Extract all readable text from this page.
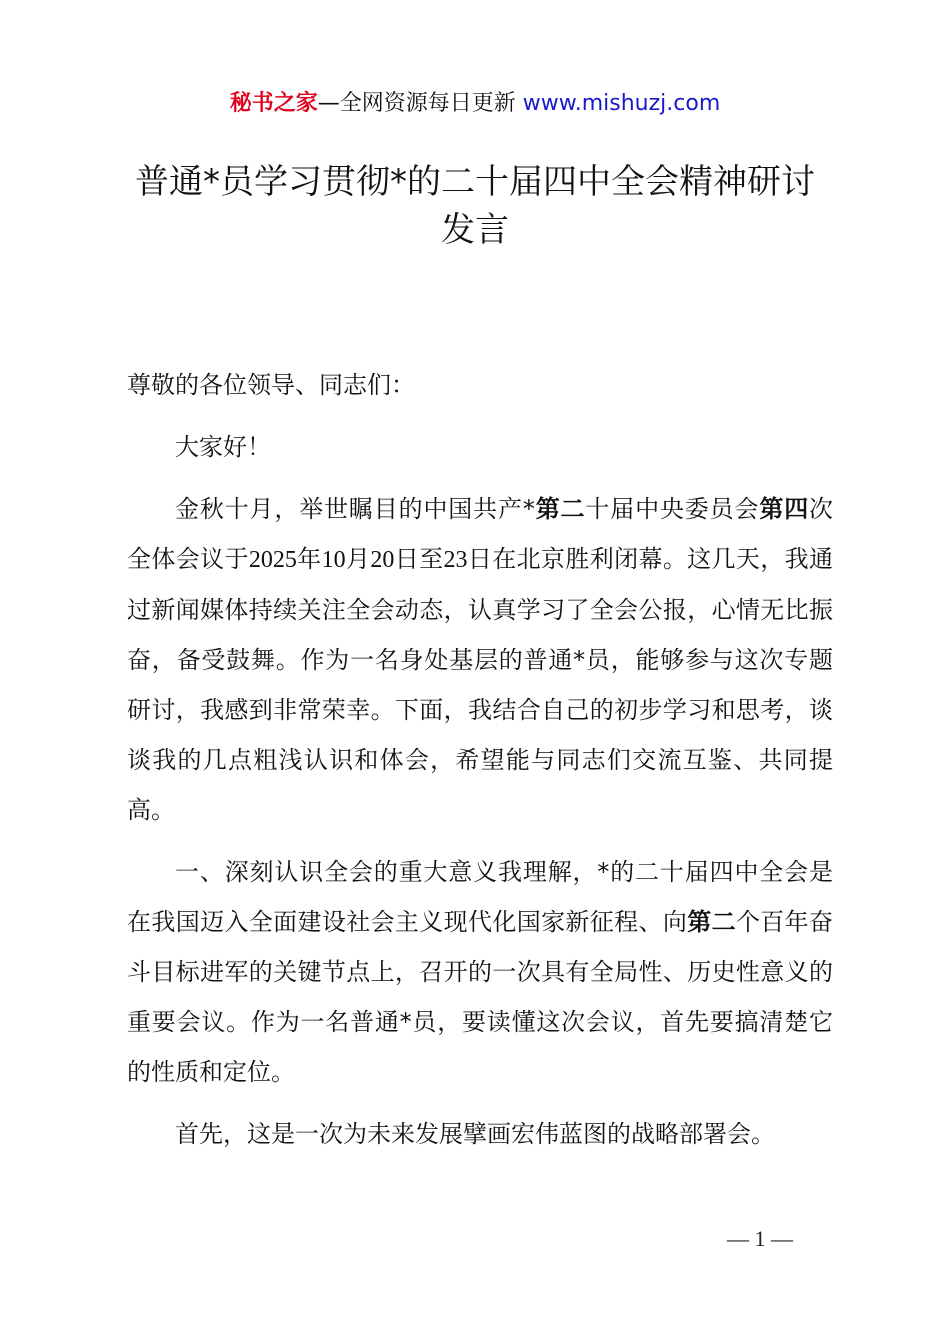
秘书之家—全网资源每日更新 www.mishuzj.com
普通*员学习贯彻*的二十届四中全会精神研讨
发言

尊敬的各位领导、同志们：

大家好！

金秋十月，举世瞩目的中国共产*第二十届中央委员会第四次全体会议于2025年10月20日至23日在北京胜利闭幕。这几天，我通过新闻媒体持续关注全会动态，认真学习了全会公报，心情无比振奋，备受鼓舞。作为一名身处基层的普通*员，能够参与这次专题研讨，我感到非常荣幸。下面，我结合自己的初步学习和思考，谈谈我的几点粗浅认识和体会，希望能与同志们交流互鉴、共同提高。

一、深刻认识全会的重大意义我理解，*的二十届四中全会是在我国迈入全面建设社会主义现代化国家新征程、向第二个百年奋斗目标进军的关键节点上，召开的一次具有全局性、历史性意义的重要会议。作为一名普通*员，要读懂这次会议，首先要搞清楚它的性质和定位。

首先，这是一次为未来发展擘画宏伟蓝图的战略部署会。

— 1 —
